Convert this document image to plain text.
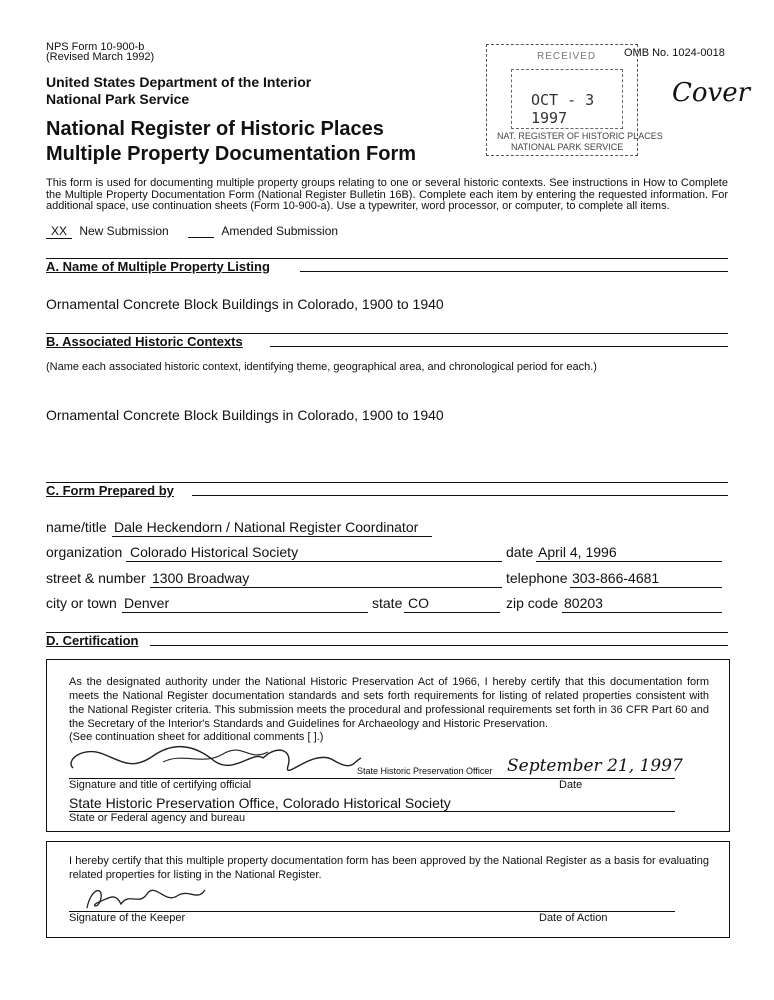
NPS Form 10-900-b
(Revised March 1992)	OMB No. 1024-0018
United States Department of the Interior
National Park Service
National Register of Historic Places
Multiple Property Documentation Form
RECEIVED
OCT - 3 1997
NAT. REGISTER OF HISTORIC PLACES
NATIONAL PARK SERVICE
Cover
This form is used for documenting multiple property groups relating to one or several historic contexts. See instructions in How to Complete the Multiple Property Documentation Form (National Register Bulletin 16B). Complete each item by entering the requested information. For additional space, use continuation sheets (Form 10-900-a). Use a typewriter, word processor, or computer, to complete all items.
XX New Submission	Amended Submission
A. Name of Multiple Property Listing
Ornamental Concrete Block Buildings in Colorado, 1900 to 1940
B. Associated Historic Contexts
(Name each associated historic context, identifying theme, geographical area, and chronological period for each.)
Ornamental Concrete Block Buildings in Colorado, 1900 to 1940
C. Form Prepared by
name/title Dale Heckendorn / National Register Coordinator
organization Colorado Historical Society	date April 4, 1996
street & number 1300 Broadway	telephone 303-866-4681
city or town Denver	state CO	zip code 80203
D. Certification
As the designated authority under the National Historic Preservation Act of 1966, I hereby certify that this documentation form meets the National Register documentation standards and sets forth requirements for listing of related properties consistent with the National Register criteria. This submission meets the procedural and professional requirements set forth in 36 CFR Part 60 and the Secretary of the Interior's Standards and Guidelines for Archaeology and Historic Preservation.
(See continuation sheet for additional comments [ ].)
State Historic Preservation Officer September 21, 1997
Signature and title of certifying official	Date
State Historic Preservation Office, Colorado Historical Society
State or Federal agency and bureau
I hereby certify that this multiple property documentation form has been approved by the National Register as a basis for evaluating related properties for listing in the National Register.
Signature of the Keeper	Date of Action
